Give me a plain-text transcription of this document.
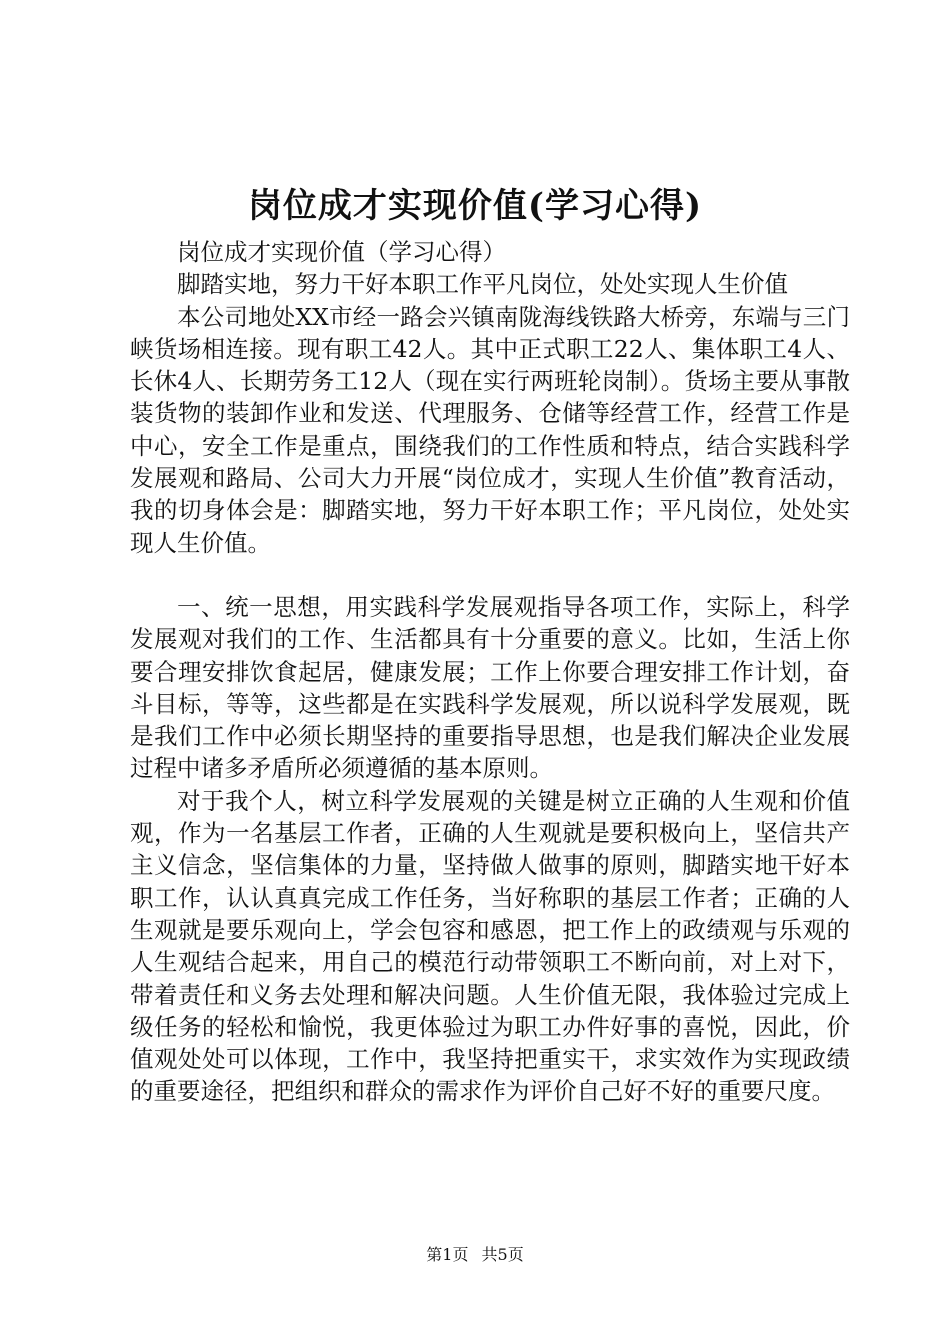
岗位成才实现价值(学习心得)

岗位成才实现价值（学习心得）

脚踏实地，努力干好本职工作平凡岗位，处处实现人生价值

本公司地处XX市经一路会兴镇南陇海线铁路大桥旁，东端与三门峡货场相连接。现有职工42人。其中正式职工22人、集体职工4人、长休4人、长期劳务工12人（现在实行两班轮岗制）。货场主要从事散装货物的装卸作业和发送、代理服务、仓储等经营工作，经营工作是中心，安全工作是重点，围绕我们的工作性质和特点，结合实践科学发展观和路局、公司大力开展“岗位成才，实现人生价值”教育活动，我的切身体会是：脚踏实地，努力干好本职工作；平凡岗位，处处实现人生价值。

一、统一思想，用实践科学发展观指导各项工作，实际上，科学发展观对我们的工作、生活都具有十分重要的意义。比如，生活上你要合理安排饮食起居，健康发展；工作上你要合理安排工作计划，奋斗目标，等等，这些都是在实践科学发展观，所以说科学发展观，既是我们工作中必须长期坚持的重要指导思想，也是我们解决企业发展过程中诸多矛盾所必须遵循的基本原则。

对于我个人，树立科学发展观的关键是树立正确的人生观和价值观，作为一名基层工作者，正确的人生观就是要积极向上，坚信共产主义信念，坚信集体的力量，坚持做人做事的原则，脚踏实地干好本职工作，认认真真完成工作任务，当好称职的基层工作者；正确的人生观就是要乐观向上，学会包容和感恩，把工作上的政绩观与乐观的人生观结合起来，用自己的模范行动带领职工不断向前，对上对下，带着责任和义务去处理和解决问题。人生价值无限，我体验过完成上级任务的轻松和愉悦，我更体验过为职工办件好事的喜悦，因此，价值观处处可以体现，工作中，我坚持把重实干，求实效作为实现政绩的重要途径，把组织和群众的需求作为评价自己好不好的重要尺度。

第1页 共5页
